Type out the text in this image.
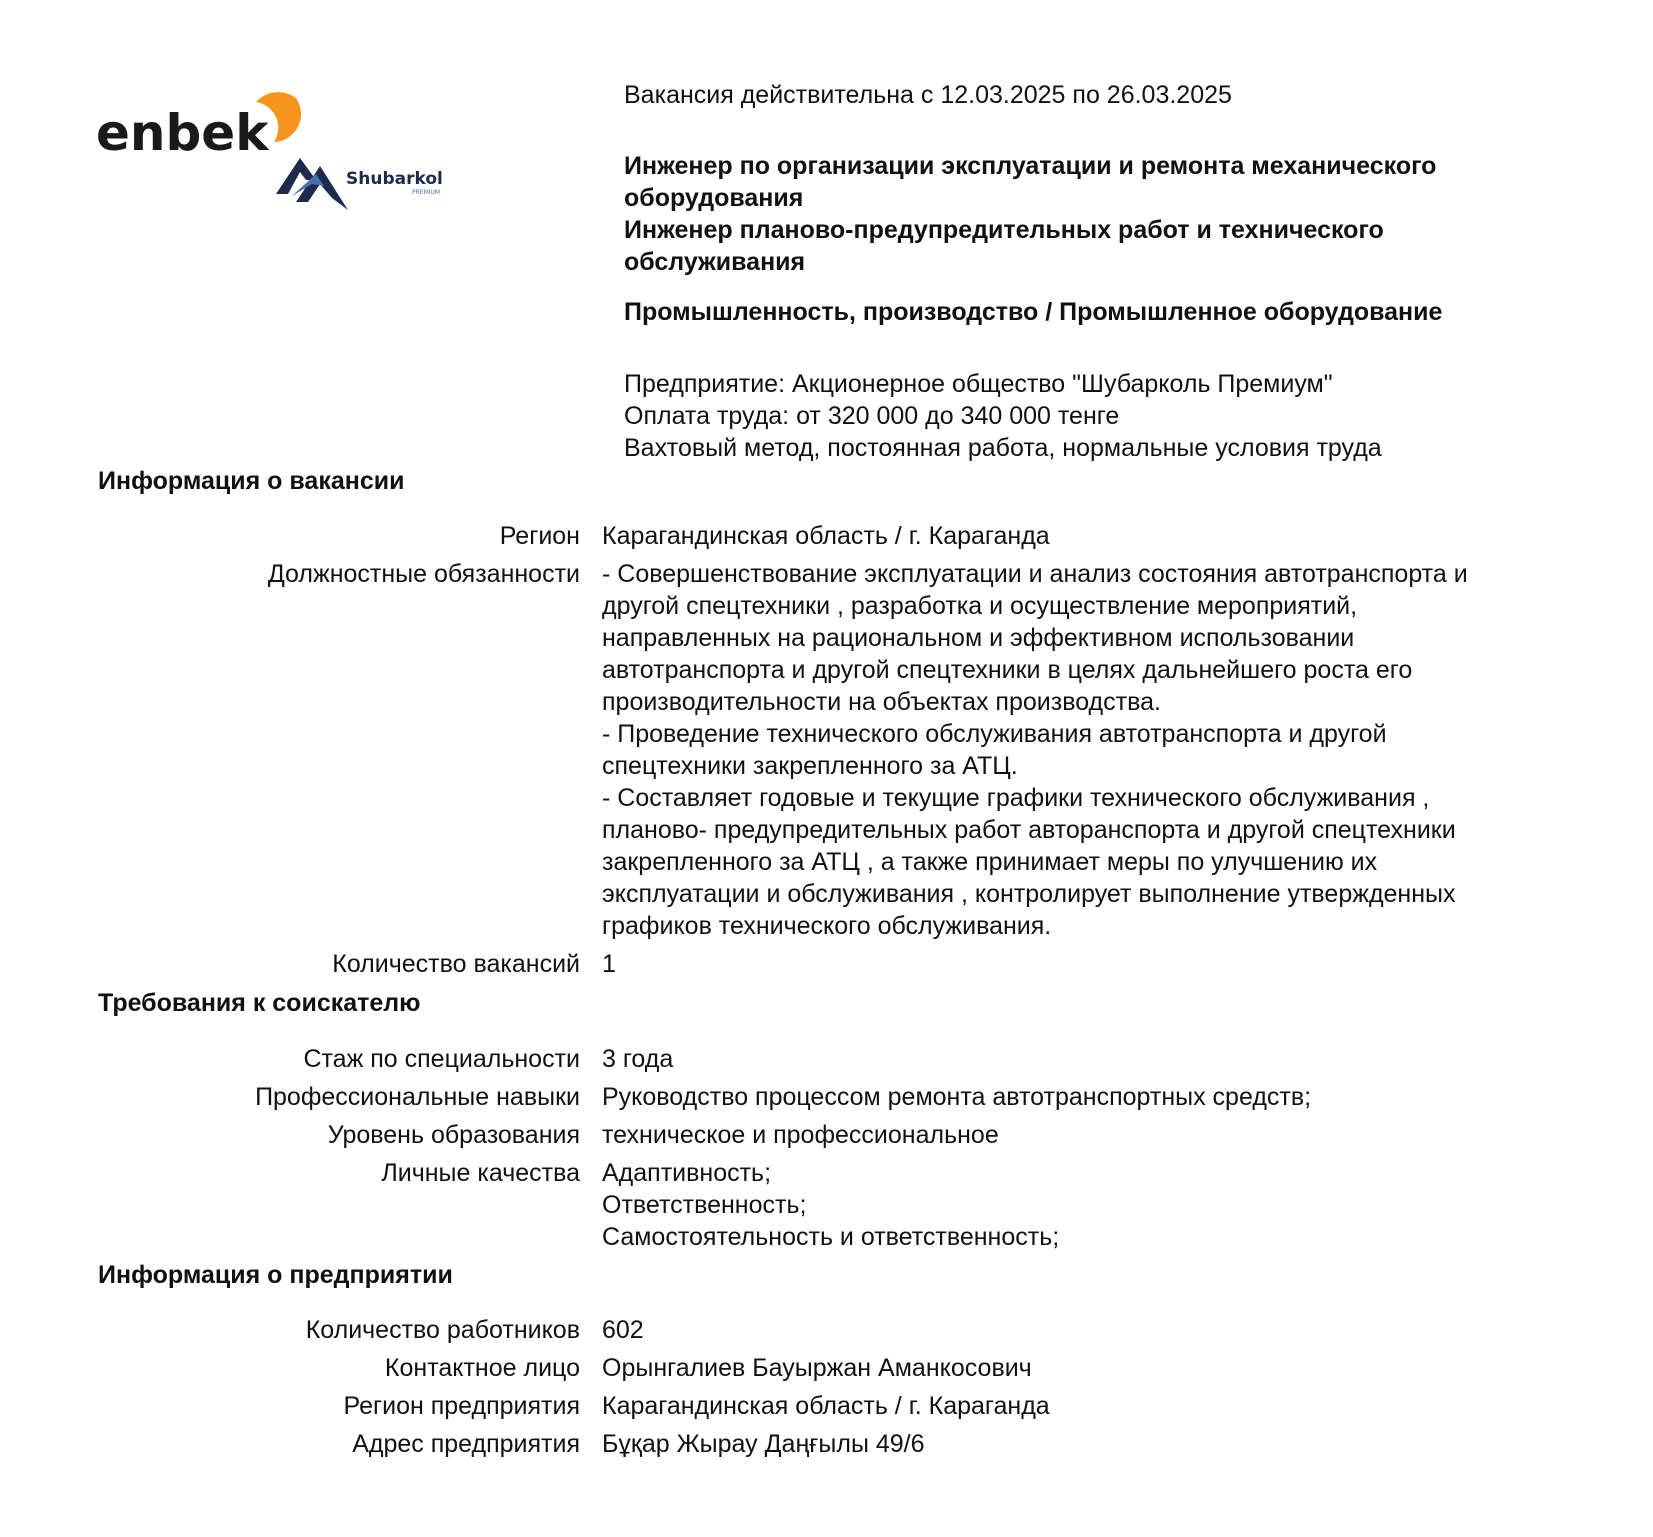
enbek
Shubarkol
PREMIUM

Вакансия действительна с 12.03.2025 по 26.03.2025

Инженер по организации эксплуатации и ремонта механического

оборудования

Инженер планово-предупредительных работ и технического

обслуживания

Промышленность, производство / Промышленное оборудование

Предприятие: Акционерное общество "Шубарколь Премиум"

Оплата труда: от 320 000 до 340 000 тенге

Вахтовый метод, постоянная работа, нормальные условия труда

Информация о вакансии
Регион Карагандинская область / г. Караганда
Должностные обязанности - Совершенствование эксплуатации и анализ состояния автотранспорта и
другой спецтехники , разработка и осуществление мероприятий,
направленных на рациональном и эффективном использовании
автотранспорта и другой спецтехники в целях дальнейшего роста его
производительности на объектах производства.
- Проведение технического обслуживания автотранспорта и другой
спецтехники закрепленного за АТЦ.
- Составляет годовые и текущие графики технического обслуживания ,
планово- предупредительных работ авторанспорта и другой спецтехники
закрепленного за АТЦ , а также принимает меры по улучшению их
эксплуатации и обслуживания , контролирует выполнение утвержденных
графиков технического обслуживания.
Количество вакансий 1
Требования к соискателю
Стаж по специальности 3 года
Профессиональные навыки Руководство процессом ремонта автотранспортных средств;
Уровень образования техническое и профессиональное
Личные качества Адаптивность;
Ответственность;
Самостоятельность и ответственность;
Информация о предприятии
Количество работников 602
Контактное лицо Орынгалиев Бауыржан Аманкосович
Регион предприятия Карагандинская область / г. Караганда
Адрес предприятия Бұқар Жырау Даңғылы 49/6
